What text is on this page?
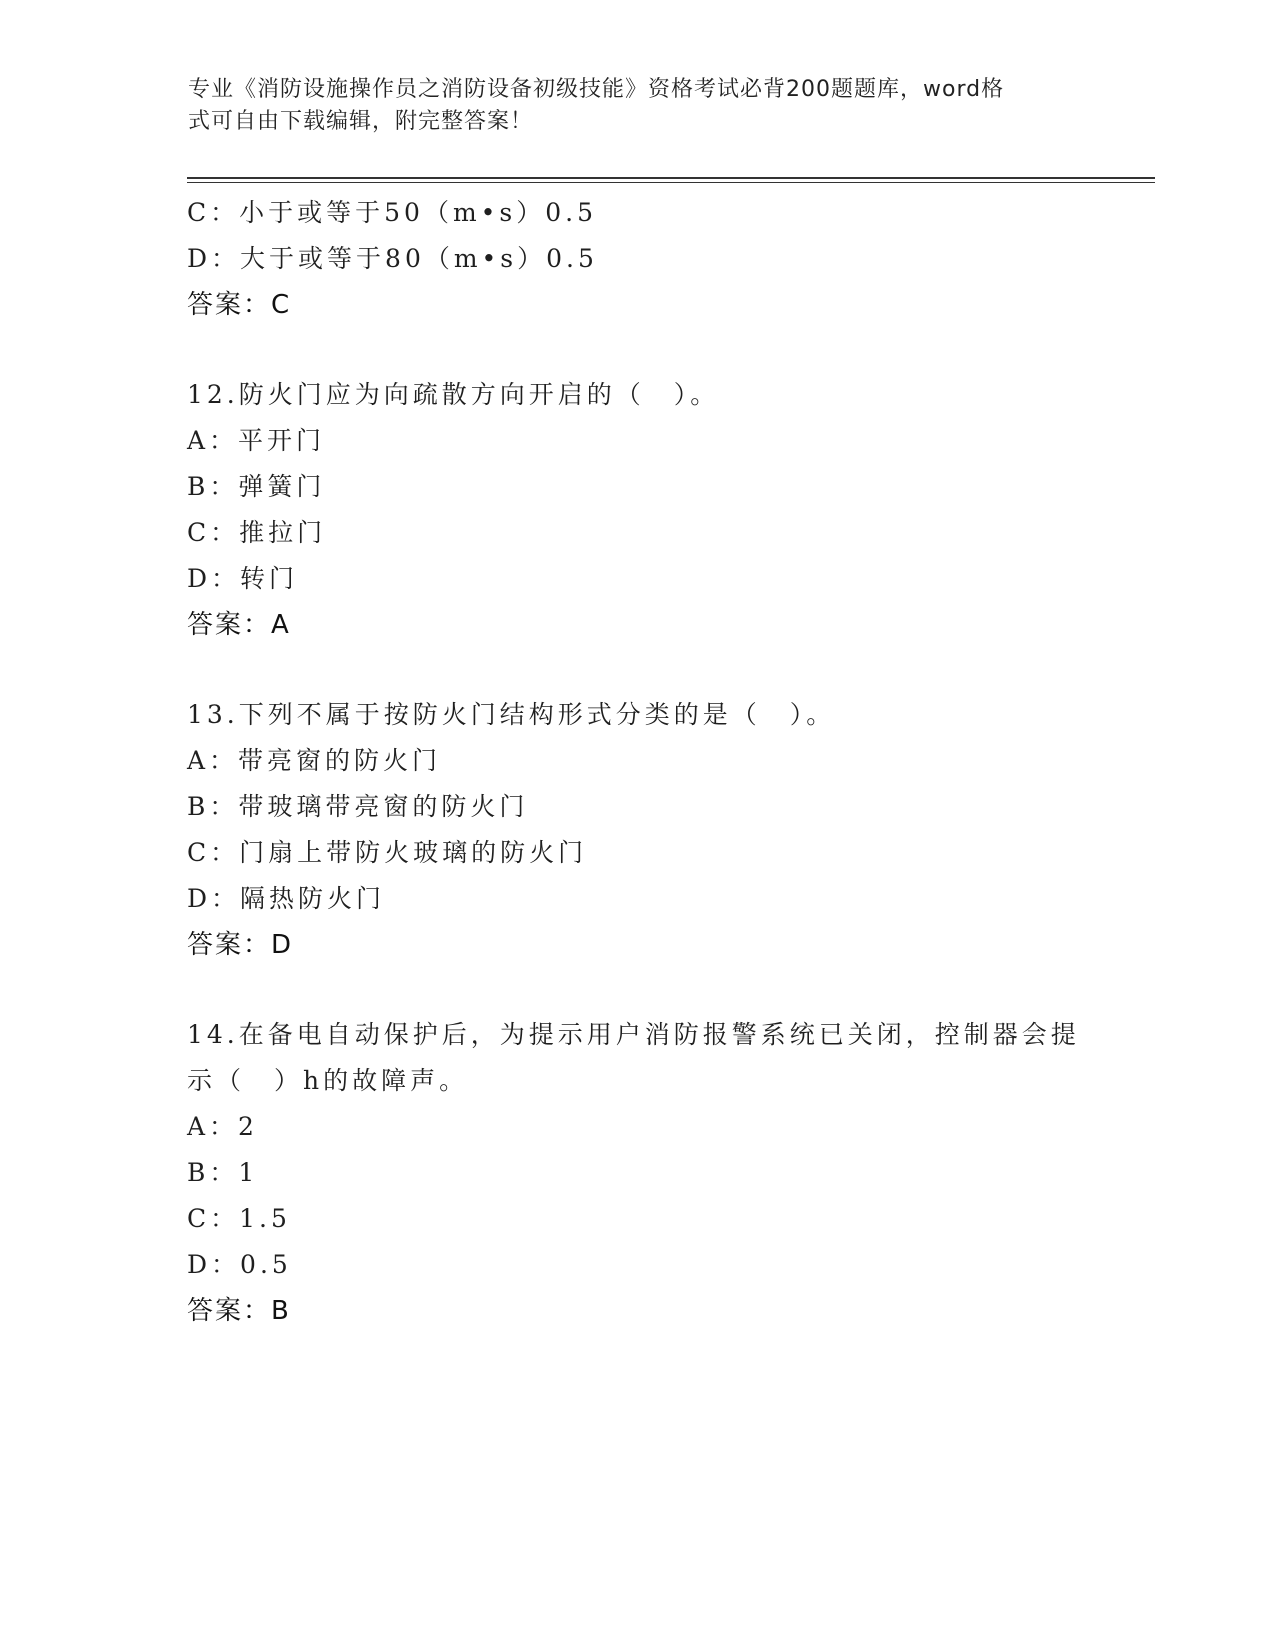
专业《消防设施操作员之消防设备初级技能》资格考试必背200题题库，word格
式可自由下载编辑，附完整答案！
C：小于或等于50（m•s）0.5
D：大于或等于80（m•s）0.5
答案：C
12.防火门应为向疏散方向开启的（　）。
A：平开门
B：弹簧门
C：推拉门
D：转门
答案：A
13.下列不属于按防火门结构形式分类的是（　）。
A：带亮窗的防火门
B：带玻璃带亮窗的防火门
C：门扇上带防火玻璃的防火门
D：隔热防火门
答案：D
14.在备电自动保护后，为提示用户消防报警系统已关闭，控制器会提
示（　）h的故障声。
A：2
B：1
C：1.5
D：0.5
答案：B
